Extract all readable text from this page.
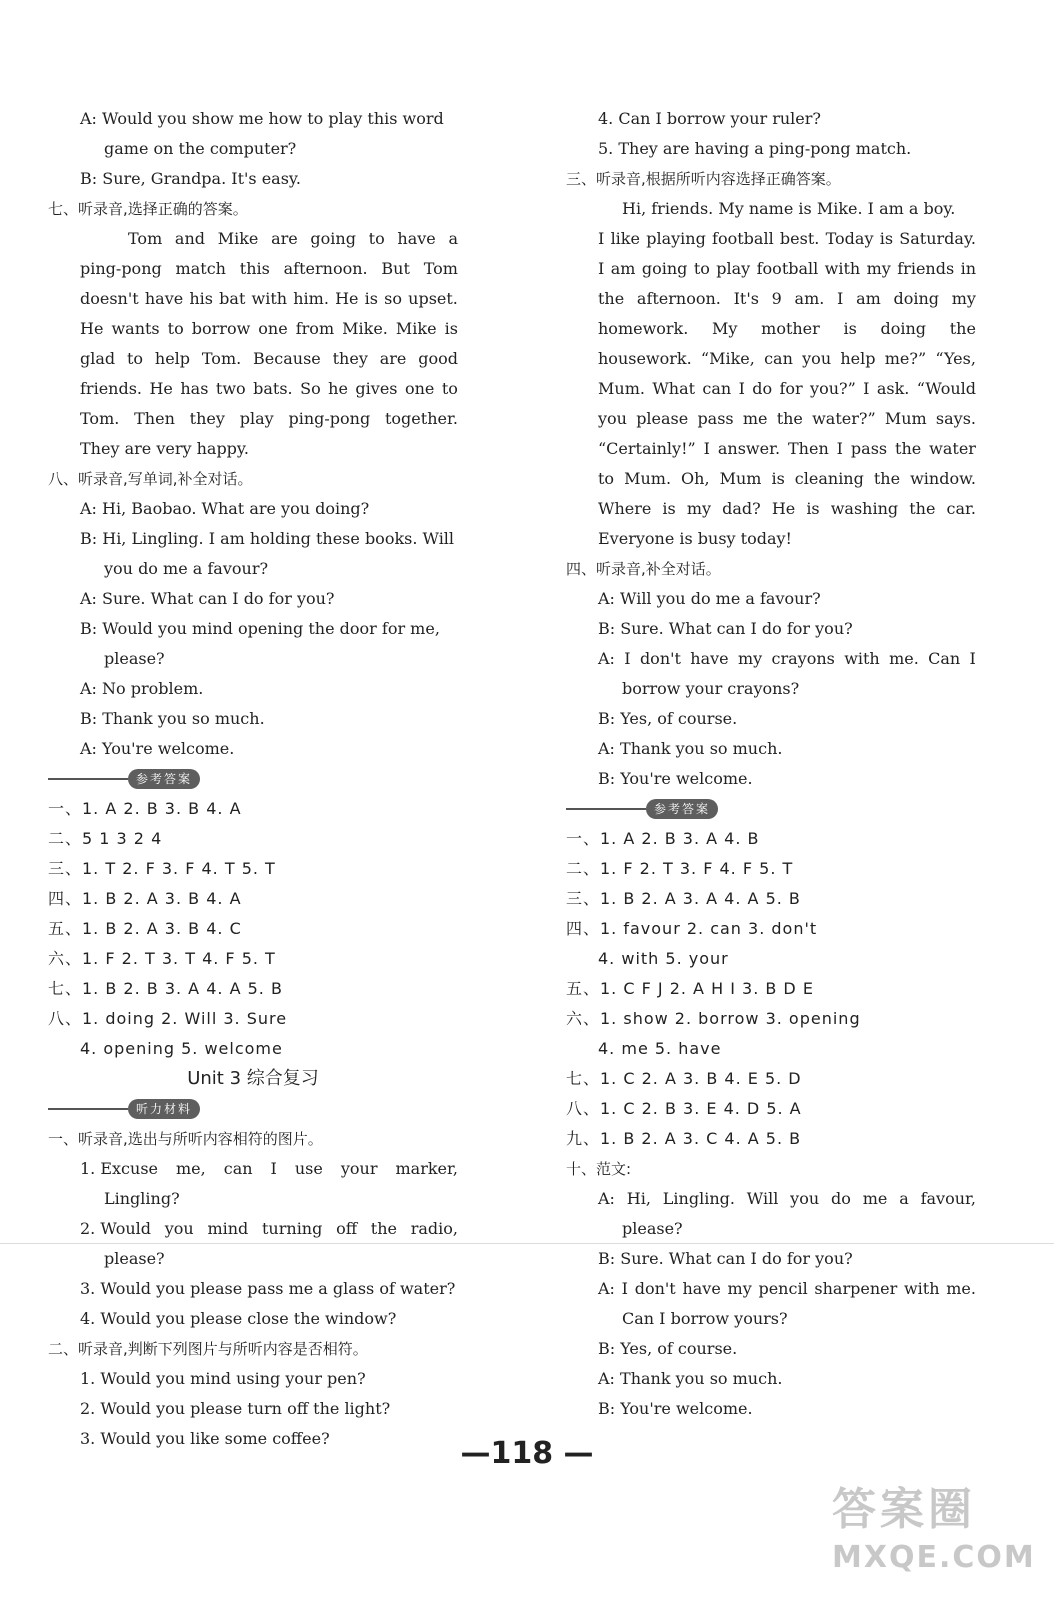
A: Would you show me how to play this word
game on the computer?
B: Sure, Grandpa. It's easy.
七、听录音,选择正确的答案。
Tom and Mike are going to have a
ping-pong match this afternoon. But Tom
doesn't have his bat with him. He is so upset.
He wants to borrow one from Mike. Mike is
glad to help Tom. Because they are good
friends. He has two bats. So he gives one to
Tom. Then they play ping-pong together.
They are very happy.
八、听录音,写单词,补全对话。
A: Hi, Baobao. What are you doing?
B: Hi, Lingling. I am holding these books. Will
you do me a favour?
A: Sure. What can I do for you?
B: Would you mind opening the door for me,
please?
A: No problem.
B: Thank you so much.
A: You're welcome.
参考答案
一、1. A 2. B 3. B 4. A
二、5 1 3 2 4
三、1. T 2. F 3. F 4. T 5. T
四、1. B 2. A 3. B 4. A
五、1. B 2. A 3. B 4. C
六、1. F 2. T 3. T 4. F 5. T
七、1. B 2. B 3. A 4. A 5. B
八、1. doing 2. Will 3. Sure
4. opening 5. welcome
Unit 3 综合复习
听力材料
一、听录音,选出与所听内容相符的图片。
1. Excuse me, can I use your marker,
Lingling?
2. Would you mind turning off the radio,
please?
3. Would you please pass me a glass of water?
4. Would you please close the window?
二、听录音,判断下列图片与所听内容是否相符。
1. Would you mind using your pen?
2. Would you please turn off the light?
3. Would you like some coffee?
4. Can I borrow your ruler?
5. They are having a ping-pong match.
三、听录音,根据所听内容选择正确答案。
Hi, friends. My name is Mike. I am a boy.
I like playing football best. Today is Saturday.
I am going to play football with my friends in
the afternoon. It's 9 am. I am doing my
homework. My mother is doing the
housework. “Mike, can you help me?” “Yes,
Mum. What can I do for you?” I ask. “Would
you please pass me the water?” Mum says.
“Certainly!” I answer. Then I pass the water
to Mum. Oh, Mum is cleaning the window.
Where is my dad? He is washing the car.
Everyone is busy today!
四、听录音,补全对话。
A: Will you do me a favour?
B: Sure. What can I do for you?
A: I don't have my crayons with me. Can I
borrow your crayons?
B: Yes, of course.
A: Thank you so much.
B: You're welcome.
参考答案
一、1. A 2. B 3. A 4. B
二、1. F 2. T 3. F 4. F 5. T
三、1. B 2. A 3. A 4. A 5. B
四、1. favour 2. can 3. don't
4. with 5. your
五、1. C F J 2. A H I 3. B D E
六、1. show 2. borrow 3. opening
4. me 5. have
七、1. C 2. A 3. B 4. E 5. D
八、1. C 2. B 3. E 4. D 5. A
九、1. B 2. A 3. C 4. A 5. B
十、范文:
A: Hi, Lingling. Will you do me a favour,
please?
B: Sure. What can I do for you?
A: I don't have my pencil sharpener with me.
Can I borrow yours?
B: Yes, of course.
A: Thank you so much.
B: You're welcome.
—118 —
答案圈
MXQE.COM
